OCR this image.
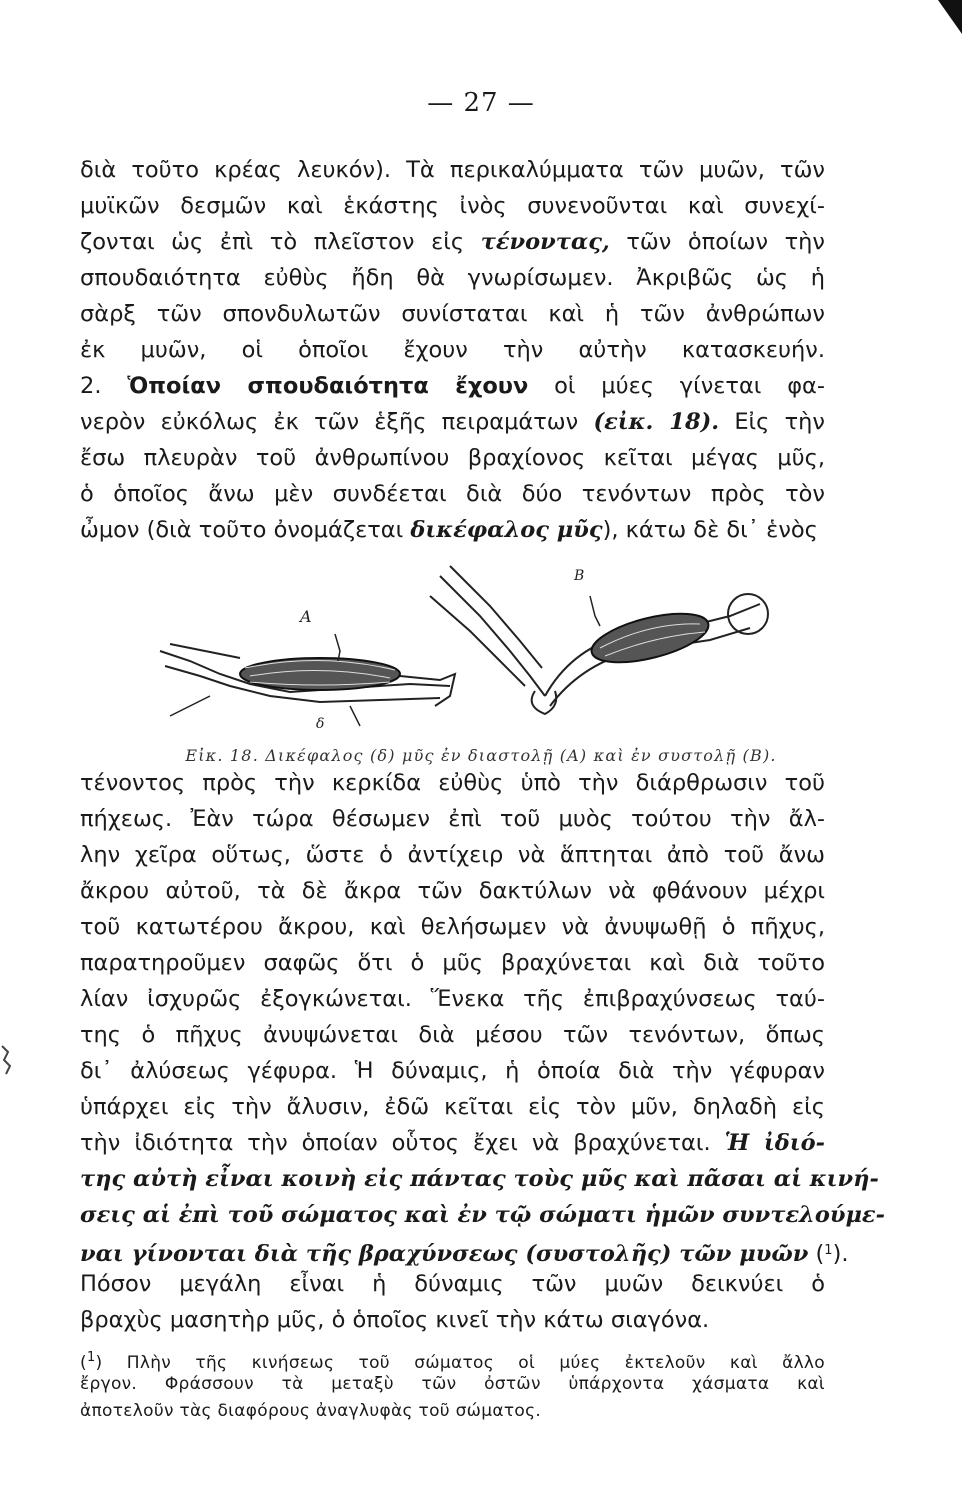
— 27 —
διὰ τοῦτο κρέας λευκόν). Τὰ περικαλύμματα τῶν μυῶν, τῶν
μυϊκῶν δεσμῶν καὶ ἑκάστης ἰνὸς συνενοῦνται καὶ συνεχί-
ζονται ὡς ἐπὶ τὸ πλεῖστον εἰς τένοντας, τῶν ὁποίων τὴν
σπουδαιότητα εὐθὺς ἤδη θὰ γνωρίσωμεν. Ἀκριβῶς ὡς ἡ
σὰρξ τῶν σπονδυλωτῶν συνίσταται καὶ ἡ τῶν ἀνθρώπων
ἐκ μυῶν, οἱ ὁποῖοι ἔχουν τὴν αὐτὴν κατασκευήν.
2. Ὁποίαν σπουδαιότητα ἔχουν οἱ μύες γίνεται φα-
νερὸν εὐκόλως ἐκ τῶν ἑξῆς πειραμάτων (εἰκ. 18). Εἰς τὴν
ἔσω πλευρὰν τοῦ ἀνθρωπίνου βραχίονος κεῖται μέγας μῦς,
ὁ ὁποῖος ἄνω μὲν συνδέεται διὰ δύο τενόντων πρὸς τὸν
ὦμον (διὰ τοῦτο ὀνομάζεται δικέφαλος μῦς), κάτω δὲ δι᾿ ἑνὸς
A
δ
B
Εἰκ. 18. Δικέφαλος (δ) μῦς ἐν διαστολῇ (Α) καὶ ἐν συστολῇ (Β).
τένοντος πρὸς τὴν κερκίδα εὐθὺς ὑπὸ τὴν διάρθρωσιν τοῦ
πήχεως. Ἐὰν τώρα θέσωμεν ἐπὶ τοῦ μυὸς τούτου τὴν ἄλ-
λην χεῖρα οὕτως, ὥστε ὁ ἀντίχειρ νὰ ἅπτηται ἀπὸ τοῦ ἄνω
ἄκρου αὐτοῦ, τὰ δὲ ἄκρα τῶν δακτύλων νὰ φθάνουν μέχρι
τοῦ κατωτέρου ἄκρου, καὶ θελήσωμεν νὰ ἀνυψωθῇ ὁ πῆχυς,
παρατηροῦμεν σαφῶς ὅτι ὁ μῦς βραχύνεται καὶ διὰ τοῦτο
λίαν ἰσχυρῶς ἐξογκώνεται. Ἕνεκα τῆς ἐπιβραχύνσεως ταύ-
της ὁ πῆχυς ἀνυψώνεται διὰ μέσου τῶν τενόντων, ὅπως
δι᾿ ἀλύσεως γέφυρα. Ἡ δύναμις, ἡ ὁποία διὰ τὴν γέφυραν
ὑπάρχει εἰς τὴν ἄλυσιν, ἐδῶ κεῖται εἰς τὸν μῦν, δηλαδὴ εἰς
τὴν ἰδιότητα τὴν ὁποίαν οὗτος ἔχει νὰ βραχύνεται. Ἡ ἰδιό-
της αὐτὴ εἶναι κοινὴ εἰς πάντας τοὺς μῦς καὶ πᾶσαι αἱ κινή-
σεις αἱ ἐπὶ τοῦ σώματος καὶ ἐν τῷ σώματι ἡμῶν συντελούμε-
ναι γίνονται διὰ τῆς βραχύνσεως (συστολῆς) τῶν μυῶν ($^1$).
Πόσον μεγάλη εἶναι ἡ δύναμις τῶν μυῶν δεικνύει ὁ
βραχὺς μασητὴρ μῦς, ὁ ὁποῖος κινεῖ τὴν κάτω σιαγόνα.
($^1$) Πλὴν τῆς κινήσεως τοῦ σώματος οἱ μύες ἐκτελοῦν καὶ ἄλλο
ἔργον. Φράσσουν τὰ μεταξὺ τῶν ὀστῶν ὑπάρχοντα χάσματα καὶ
ἀποτελοῦν τὰς διαφόρους ἀναγλυφὰς τοῦ σώματος.
